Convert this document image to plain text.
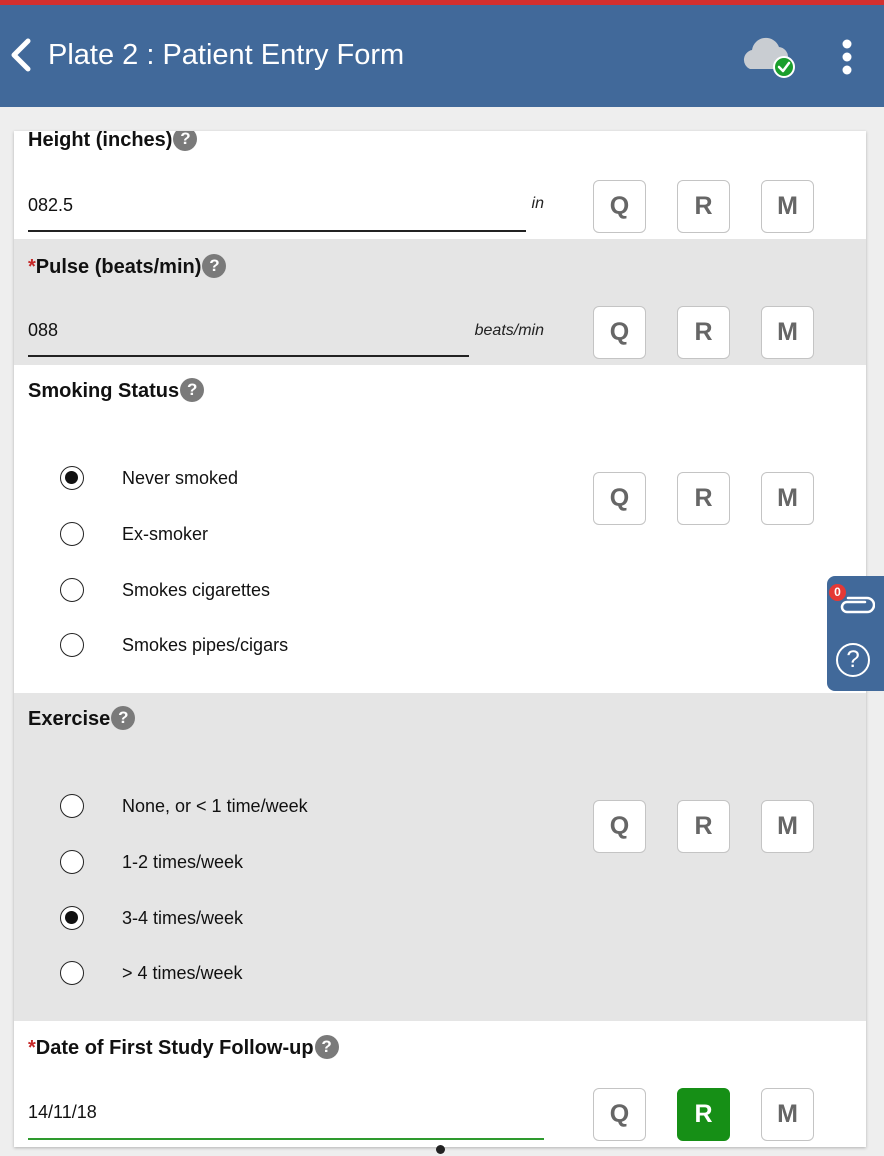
Plate 2 : Patient Entry Form
Height (inches) ?
082.5
in	Q	R	M
*Pulse (beats/min) ?
088
beats/min	Q	R	M
Smoking Status ?
Never smoked
Ex-smoker
Smokes cigarettes
Smokes pipes/cigars
Q	R	M
Exercise ?
None, or < 1 time/week
1-2 times/week
3-4 times/week
> 4 times/week
Q	R	M
*Date of First Study Follow-up ?
14/11/18
Q	R	M
0
?
